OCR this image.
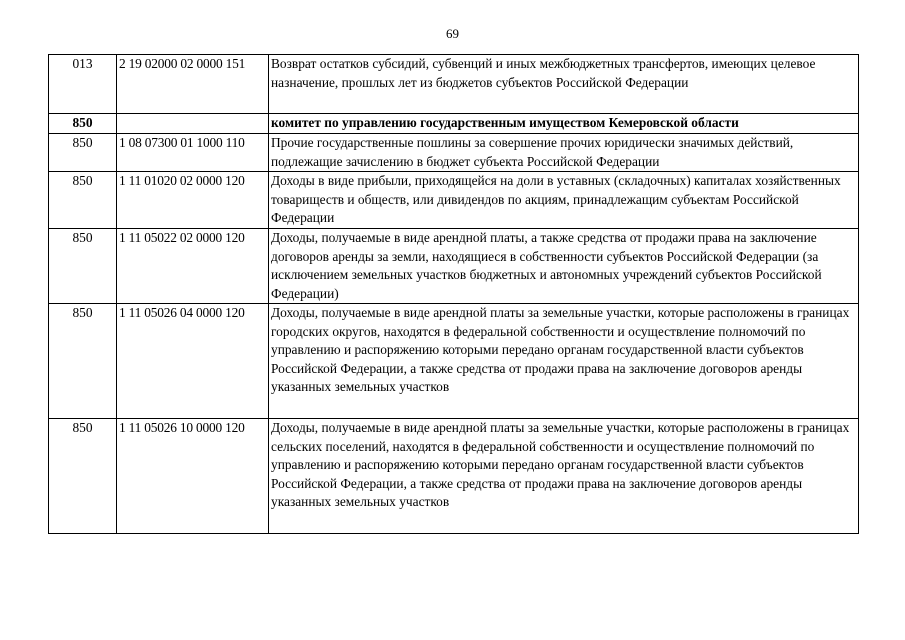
69
013	2 19 02000 02 0000 151	Возврат остатков субсидий, субвенций и иных межбюджетных трансфертов, имеющих целевое назначение, прошлых лет из бюджетов субъектов Российской Федерации
850		комитет по управлению государственным имуществом Кемеровской области
850	1 08 07300 01 1000 110	Прочие государственные пошлины за совершение прочих юридически значимых действий, подлежащие зачислению в бюджет субъекта Российской Федерации
850	1 11 01020 02 0000 120	Доходы в виде прибыли, приходящейся на доли в уставных (складочных) капиталах хозяйственных товариществ и обществ, или дивидендов по акциям, принадлежащим субъектам Российской Федерации
850	1 11 05022 02 0000 120	Доходы, получаемые в виде арендной платы, а также средства от продажи права на заключение договоров аренды за земли, находящиеся в собственности субъектов Российской Федерации (за исключением земельных участков бюджетных и автономных учреждений субъектов Российской Федерации)
850	1 11 05026 04 0000 120	Доходы, получаемые в виде арендной платы за земельные участки, которые расположены в границах городских округов, находятся в федеральной собственности и осуществление полномочий по управлению и распоряжению которыми передано органам государственной власти субъектов Российской Федерации, а также средства от продажи права на заключение договоров аренды указанных земельных участков
850	1 11 05026 10 0000 120	Доходы, получаемые в виде арендной платы за земельные участки, которые расположены в границах сельских поселений, находятся в федеральной собственности и осуществление полномочий по управлению и распоряжению которыми передано органам государственной власти субъектов Российской Федерации, а также средства от продажи права на заключение договоров аренды указанных земельных участков
